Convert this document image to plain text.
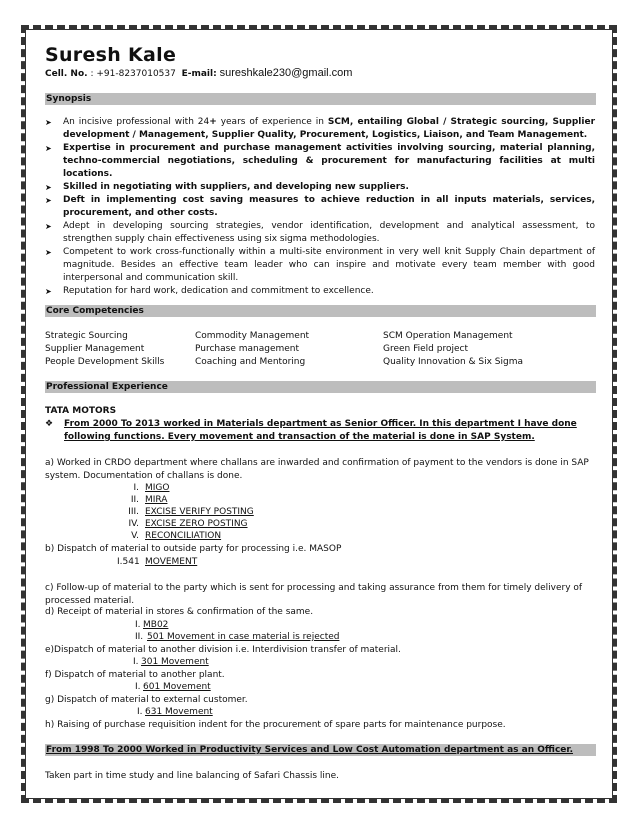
Suresh Kale
Cell. No. : +91-8237010537 E-mail: sureshkale230@gmail.com
Synopsis
➤ An incisive professional with 24+ years of experience in SCM, entailing Global / Strategic sourcing, Supplier development / Management, Supplier Quality, Procurement, Logistics, Liaison, and Team Management.
➤ Expertise in procurement and purchase management activities involving sourcing, material planning, techno-commercial negotiations, scheduling & procurement for manufacturing facilities at multi locations.
➤ Skilled in negotiating with suppliers, and developing new suppliers.
➤ Deft in implementing cost saving measures to achieve reduction in all inputs materials, services, procurement, and other costs.
➤ Adept in developing sourcing strategies, vendor identification, development and analytical assessment, to strengthen supply chain effectiveness using six sigma methodologies.
➤ Competent to work cross-functionally within a multi-site environment in very well knit Supply Chain department of magnitude. Besides an effective team leader who can inspire and motivate every team member with good interpersonal and communication skill.
➤ Reputation for hard work, dedication and commitment to excellence.
Core Competencies
Strategic Sourcing
Supplier Management
People Development Skills
Commodity Management
Purchase management
Coaching and Mentoring
SCM Operation Management
Green Field project
Quality Innovation & Six Sigma
Professional Experience
TATA MOTORS
❖ From 2000 To 2013 worked in Materials department as Senior Officer. In this department I have done
following functions. Every movement and transaction of the material is done in SAP System.
a) Worked in CRDO department where challans are inwarded and confirmation of payment to the vendors is done in SAP system. Documentation of challans is done.
I. MIGO
II. MIRA
III. EXCISE VERIFY POSTING
IV. EXCISE ZERO POSTING
V. RECONCILIATION
b) Dispatch of material to outside party for processing i.e. MASOP
I.541 MOVEMENT
c) Follow-up of material to the party which is sent for processing and taking assurance from them for timely delivery of processed material.
d) Receipt of material in stores & confirmation of the same.
I. MB02
II. 501 Movement in case material is rejected
e)Dispatch of material to another division i.e. Interdivision transfer of material.
I. 301 Movement
f) Dispatch of material to another plant.
I. 601 Movement
g) Dispatch of material to external customer.
I. 631 Movement
h) Raising of purchase requisition indent for the procurement of spare parts for maintenance purpose.
From 1998 To 2000 Worked in Productivity Services and Low Cost Automation department as an Officer.
Taken part in time study and line balancing of Safari Chassis line.
